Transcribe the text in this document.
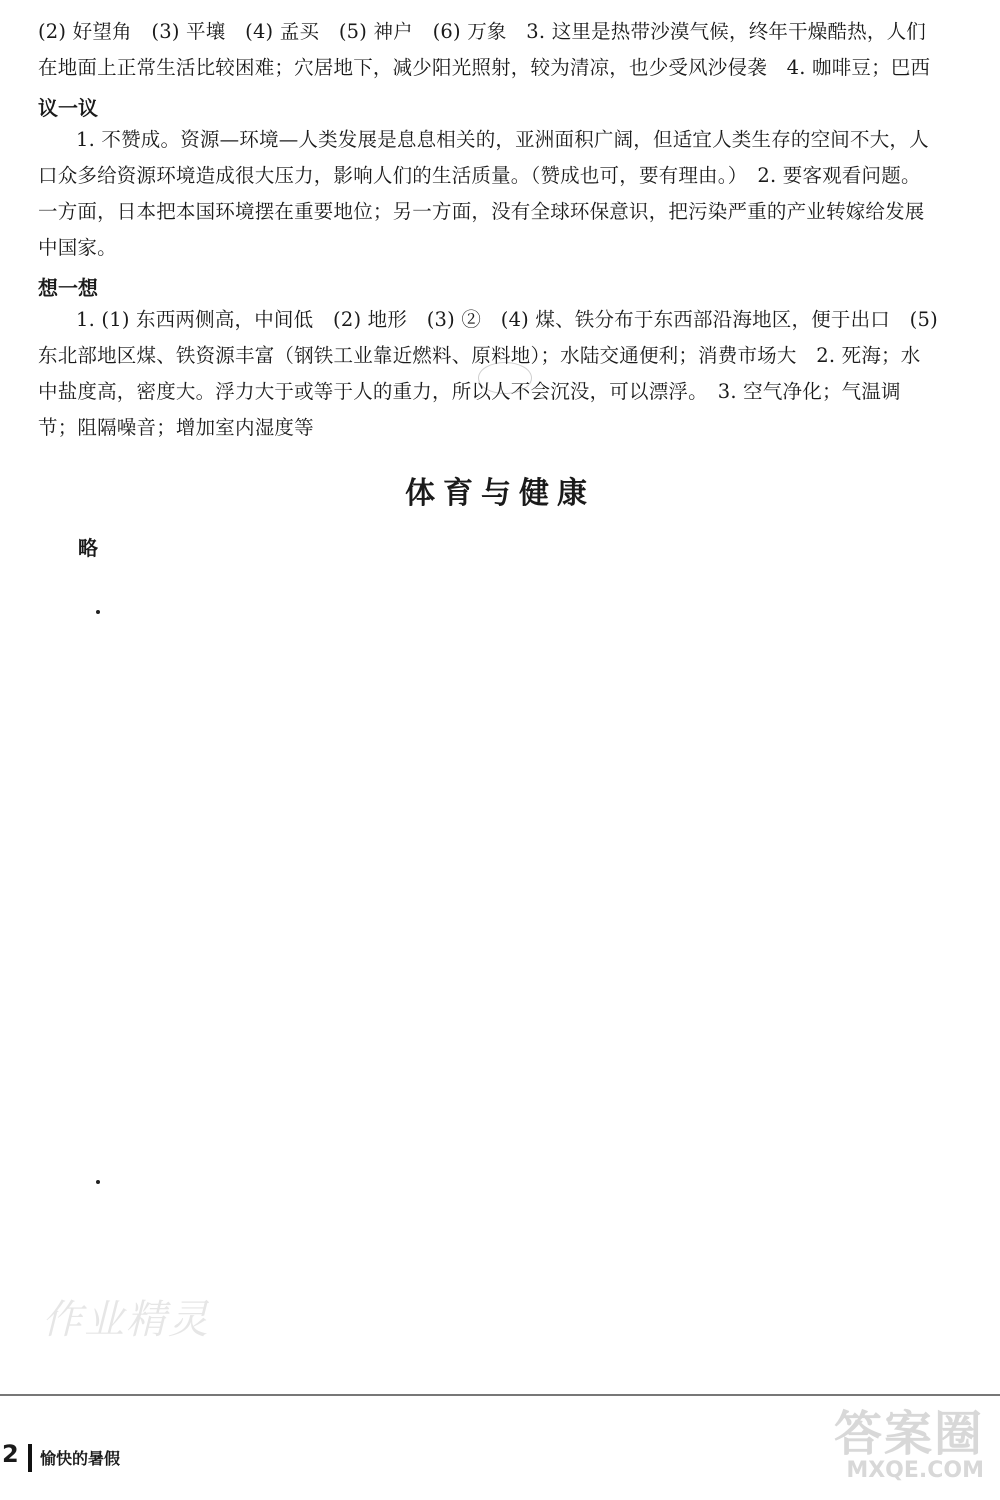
(2) 好望角　(3) 平壤　(4) 孟买　(5) 神户　(6) 万象　3. 这里是热带沙漠气候，终年干燥酷热，人们在地面上正常生活比较困难；穴居地下，减少阳光照射，较为清凉，也少受风沙侵袭　4. 咖啡豆；巴西
议一议
1. 不赞成。资源—环境—人类发展是息息相关的，亚洲面积广阔，但适宜人类生存的空间不大，人口众多给资源环境造成很大压力，影响人们的生活质量。（赞成也可，要有理由。）　2. 要客观看问题。一方面，日本把本国环境摆在重要地位；另一方面，没有全球环保意识，把污染严重的产业转嫁给发展中国家。
想一想
1. (1) 东西两侧高，中间低　(2) 地形　(3) ②　(4) 煤、铁分布于东西部沿海地区，便于出口　(5) 东北部地区煤、铁资源丰富（钢铁工业靠近燃料、原料地）；水陆交通便利；消费市场大　2. 死海；水中盐度高，密度大。浮力大于或等于人的重力，所以人不会沉没，可以漂浮。　3. 空气净化；气温调节；阻隔噪音；增加室内湿度等
体育与健康
略
作业精灵
2 愉快的暑假	答案圈
MXQE.COM
